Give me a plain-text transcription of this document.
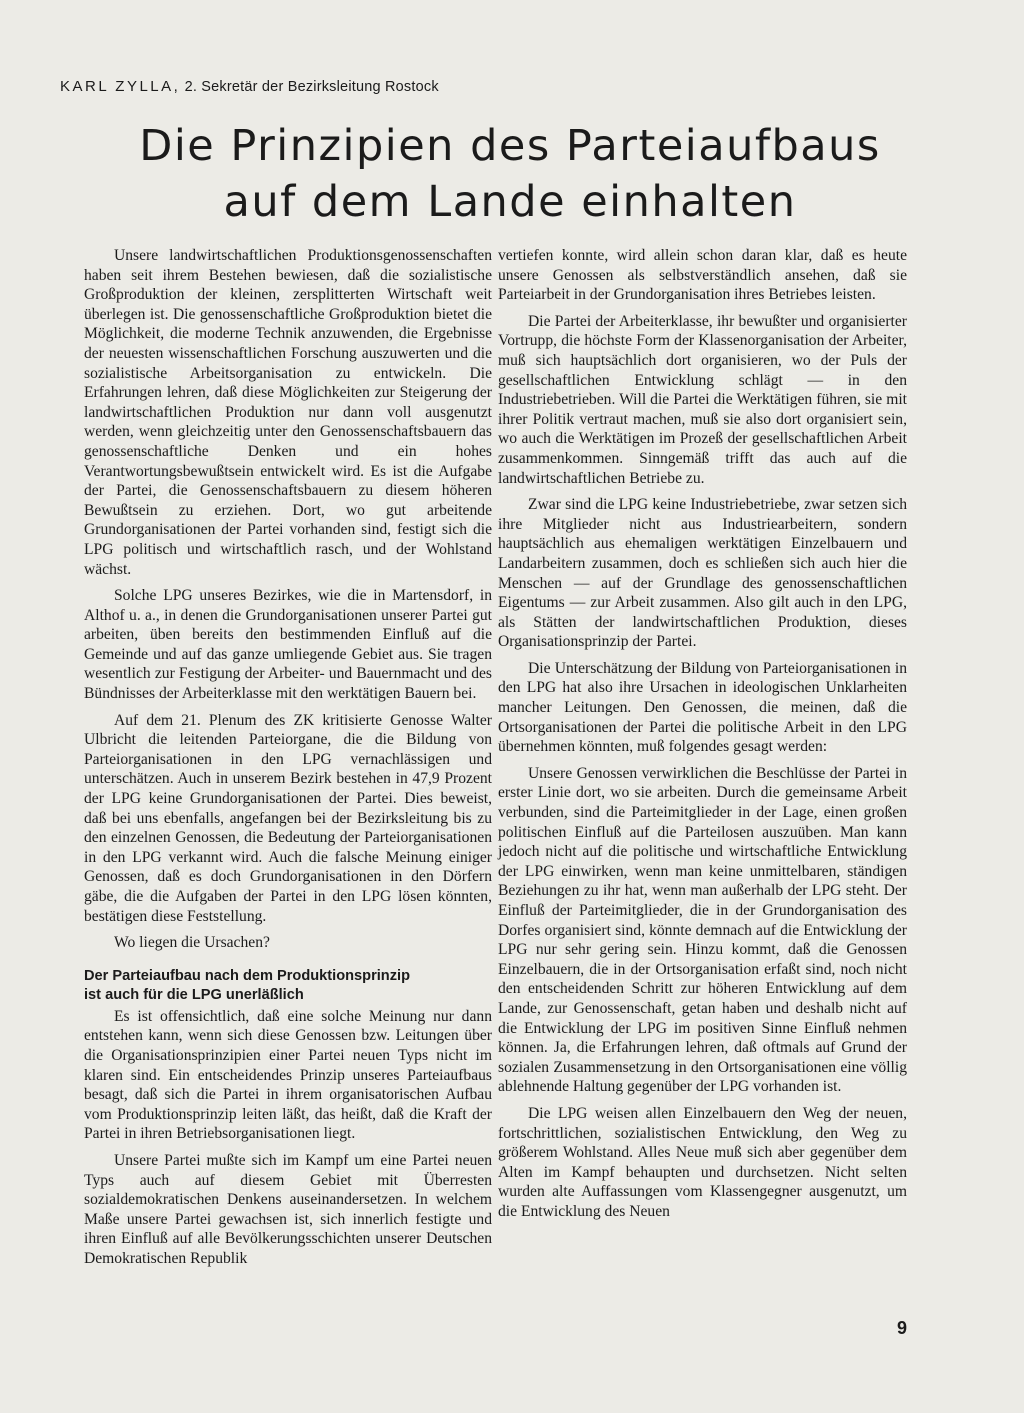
KARL ZYLLA, 2. Sekretär der Bezirksleitung Rostock
Die Prinzipien des Parteiaufbaus
auf dem Lande einhalten

Unsere landwirtschaftlichen Produktionsgenossenschaften haben seit ihrem Bestehen bewiesen, daß die sozialistische Großproduktion der kleinen, zersplitterten Wirtschaft weit überlegen ist. Die genossenschaftliche Großproduktion bietet die Möglichkeit, die moderne Technik anzuwenden, die Ergebnisse der neuesten wissenschaftlichen Forschung auszuwerten und die sozialistische Arbeitsorganisation zu entwickeln. Die Erfahrungen lehren, daß diese Möglichkeiten zur Steigerung der landwirtschaftlichen Produktion nur dann voll ausgenutzt werden, wenn gleichzeitig unter den Genossenschaftsbauern das genossenschaftliche Denken und ein hohes Verantwortungsbewußtsein entwickelt wird. Es ist die Aufgabe der Partei, die Genossenschaftsbauern zu diesem höheren Bewußtsein zu erziehen. Dort, wo gut arbeitende Grundorganisationen der Partei vorhanden sind, festigt sich die LPG politisch und wirtschaftlich rasch, und der Wohlstand wächst.

Solche LPG unseres Bezirkes, wie die in Martensdorf, in Althof u. a., in denen die Grundorganisationen unserer Partei gut arbeiten, üben bereits den bestimmenden Einfluß auf die Gemeinde und auf das ganze umliegende Gebiet aus. Sie tragen wesentlich zur Festigung der Arbeiter- und Bauernmacht und des Bündnisses der Arbeiterklasse mit den werktätigen Bauern bei.

Auf dem 21. Plenum des ZK kritisierte Genosse Walter Ulbricht die leitenden Parteiorgane, die die Bildung von Parteiorganisationen in den LPG vernachlässigen und unterschätzen. Auch in unserem Bezirk bestehen in 47,9 Prozent der LPG keine Grundorganisationen der Partei. Dies beweist, daß bei uns ebenfalls, angefangen bei der Bezirksleitung bis zu den einzelnen Genossen, die Bedeutung der Parteiorganisationen in den LPG verkannt wird. Auch die falsche Meinung einiger Genossen, daß es doch Grundorganisationen in den Dörfern gäbe, die die Aufgaben der Partei in den LPG lösen könnten, bestätigen diese Feststellung.

Wo liegen die Ursachen?

Der Parteiaufbau nach dem Produktionsprinzip
ist auch für die LPG unerläßlich

Es ist offensichtlich, daß eine solche Meinung nur dann entstehen kann, wenn sich diese Genossen bzw. Leitungen über die Organisationsprinzipien einer Partei neuen Typs nicht im klaren sind. Ein entscheidendes Prinzip unseres Parteiaufbaus besagt, daß sich die Partei in ihrem organisatorischen Aufbau vom Produktionsprinzip leiten läßt, das heißt, daß die Kraft der Partei in ihren Betriebsorganisationen liegt.

Unsere Partei mußte sich im Kampf um eine Partei neuen Typs auch auf diesem Gebiet mit Überresten sozialdemokratischen Denkens auseinandersetzen. In welchem Maße unsere Partei gewachsen ist, sich innerlich festigte und ihren Einfluß auf alle Bevölkerungsschichten unserer Deutschen Demokratischen Republik

vertiefen konnte, wird allein schon daran klar, daß es heute unsere Genossen als selbstverständlich ansehen, daß sie Parteiarbeit in der Grundorganisation ihres Betriebes leisten.

Die Partei der Arbeiterklasse, ihr bewußter und organisierter Vortrupp, die höchste Form der Klassenorganisation der Arbeiter, muß sich hauptsächlich dort organisieren, wo der Puls der gesellschaftlichen Entwicklung schlägt — in den Industriebetrieben. Will die Partei die Werktätigen führen, sie mit ihrer Politik vertraut machen, muß sie also dort organisiert sein, wo auch die Werktätigen im Prozeß der gesellschaftlichen Arbeit zusammenkommen. Sinngemäß trifft das auch auf die landwirtschaftlichen Betriebe zu.

Zwar sind die LPG keine Industriebetriebe, zwar setzen sich ihre Mitglieder nicht aus Industriearbeitern, sondern hauptsächlich aus ehemaligen werktätigen Einzelbauern und Landarbeitern zusammen, doch es schließen sich auch hier die Menschen — auf der Grundlage des genossenschaftlichen Eigentums — zur Arbeit zusammen. Also gilt auch in den LPG, als Stätten der landwirtschaftlichen Produktion, dieses Organisationsprinzip der Partei.

Die Unterschätzung der Bildung von Parteiorganisationen in den LPG hat also ihre Ursachen in ideologischen Unklarheiten mancher Leitungen. Den Genossen, die meinen, daß die Ortsorganisationen der Partei die politische Arbeit in den LPG übernehmen könnten, muß folgendes gesagt werden:

Unsere Genossen verwirklichen die Beschlüsse der Partei in erster Linie dort, wo sie arbeiten. Durch die gemeinsame Arbeit verbunden, sind die Parteimitglieder in der Lage, einen großen politischen Einfluß auf die Parteilosen auszuüben. Man kann jedoch nicht auf die politische und wirtschaftliche Entwicklung der LPG einwirken, wenn man keine unmittelbaren, ständigen Beziehungen zu ihr hat, wenn man außerhalb der LPG steht. Der Einfluß der Parteimitglieder, die in der Grundorganisation des Dorfes organisiert sind, könnte demnach auf die Entwicklung der LPG nur sehr gering sein. Hinzu kommt, daß die Genossen Einzelbauern, die in der Ortsorganisation erfaßt sind, noch nicht den entscheidenden Schritt zur höheren Entwicklung auf dem Lande, zur Genossenschaft, getan haben und deshalb nicht auf die Entwicklung der LPG im positiven Sinne Einfluß nehmen können. Ja, die Erfahrungen lehren, daß oftmals auf Grund der sozialen Zusammensetzung in den Ortsorganisationen eine völlig ablehnende Haltung gegenüber der LPG vorhanden ist.

Die LPG weisen allen Einzelbauern den Weg der neuen, fortschrittlichen, sozialistischen Entwicklung, den Weg zu größerem Wohlstand. Alles Neue muß sich aber gegenüber dem Alten im Kampf behaupten und durchsetzen. Nicht selten wurden alte Auffassungen vom Klassengegner ausgenutzt, um die Entwicklung des Neuen

9
